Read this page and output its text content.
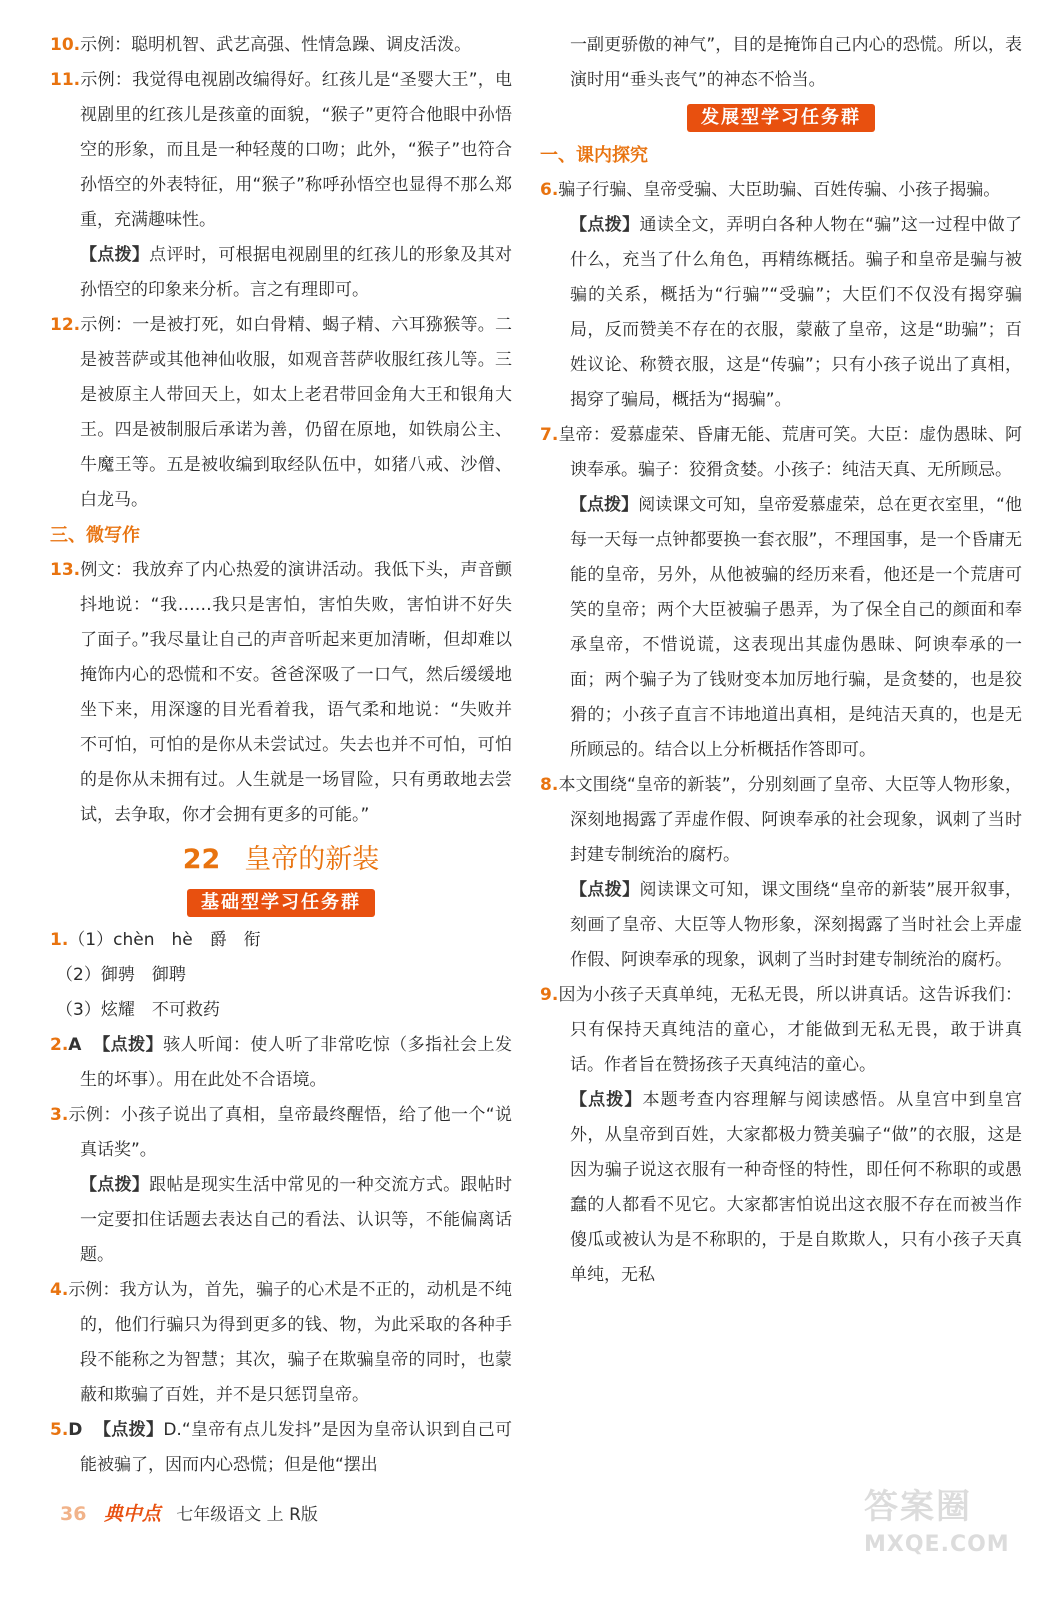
10.示例：聪明机智、武艺高强、性情急躁、调皮活泼。

11.示例：我觉得电视剧改编得好。红孩儿是“圣婴大王”，电视剧里的红孩儿是孩童的面貌，“猴子”更符合他眼中孙悟空的形象，而且是一种轻蔑的口吻；此外，“猴子”也符合孙悟空的外表特征，用“猴子”称呼孙悟空也显得不那么郑重，充满趣味性。

【点拨】点评时，可根据电视剧里的红孩儿的形象及其对孙悟空的印象来分析。言之有理即可。

12.示例：一是被打死，如白骨精、蝎子精、六耳猕猴等。二是被菩萨或其他神仙收服，如观音菩萨收服红孩儿等。三是被原主人带回天上，如太上老君带回金角大王和银角大王。四是被制服后承诺为善，仍留在原地，如铁扇公主、牛魔王等。五是被收编到取经队伍中，如猪八戒、沙僧、白龙马。

三、微写作

13.例文：我放弃了内心热爱的演讲活动。我低下头，声音颤抖地说：“我……我只是害怕，害怕失败，害怕讲不好失了面子。”我尽量让自己的声音听起来更加清晰，但却难以掩饰内心的恐慌和不安。爸爸深吸了一口气，然后缓缓地坐下来，用深邃的目光看着我，语气柔和地说：“失败并不可怕，可怕的是你从未尝试过。失去也并不可怕，可怕的是你从未拥有过。人生就是一场冒险，只有勇敢地去尝试，去争取，你才会拥有更多的可能。”

22 皇帝的新装
基础型学习任务群

1.（1）chèn　hè　爵　衔

（2）御骋　御聘

（3）炫耀　不可救药

2.A 【点拨】骇人听闻：使人听了非常吃惊（多指社会上发生的坏事）。用在此处不合语境。

3.示例：小孩子说出了真相，皇帝最终醒悟，给了他一个“说真话奖”。

【点拨】跟帖是现实生活中常见的一种交流方式。跟帖时一定要扣住话题去表达自己的看法、认识等，不能偏离话题。

4.示例：我方认为，首先，骗子的心术是不正的，动机是不纯的，他们行骗只为得到更多的钱、物，为此采取的各种手段不能称之为智慧；其次，骗子在欺骗皇帝的同时，也蒙蔽和欺骗了百姓，并不是只惩罚皇帝。

5.D 【点拨】D.“皇帝有点儿发抖”是因为皇帝认识到自己可能被骗了，因而内心恐慌；但是他“摆出

一副更骄傲的神气”，目的是掩饰自己内心的恐慌。所以，表演时用“垂头丧气”的神态不恰当。

发展型学习任务群

一、课内探究

6.骗子行骗、皇帝受骗、大臣助骗、百姓传骗、小孩子揭骗。

【点拨】通读全文，弄明白各种人物在“骗”这一过程中做了什么，充当了什么角色，再精练概括。骗子和皇帝是骗与被骗的关系，概括为“行骗”“受骗”；大臣们不仅没有揭穿骗局，反而赞美不存在的衣服，蒙蔽了皇帝，这是“助骗”；百姓议论、称赞衣服，这是“传骗”；只有小孩子说出了真相，揭穿了骗局，概括为“揭骗”。

7.皇帝：爱慕虚荣、昏庸无能、荒唐可笑。大臣：虚伪愚昧、阿谀奉承。骗子：狡猾贪婪。小孩子：纯洁天真、无所顾忌。

【点拨】阅读课文可知，皇帝爱慕虚荣，总在更衣室里，“他每一天每一点钟都要换一套衣服”，不理国事，是一个昏庸无能的皇帝，另外，从他被骗的经历来看，他还是一个荒唐可笑的皇帝；两个大臣被骗子愚弄，为了保全自己的颜面和奉承皇帝，不惜说谎，这表现出其虚伪愚昧、阿谀奉承的一面；两个骗子为了钱财变本加厉地行骗，是贪婪的，也是狡猾的；小孩子直言不讳地道出真相，是纯洁天真的，也是无所顾忌的。结合以上分析概括作答即可。

8.本文围绕“皇帝的新装”，分别刻画了皇帝、大臣等人物形象，深刻地揭露了弄虚作假、阿谀奉承的社会现象，讽刺了当时封建专制统治的腐朽。

【点拨】阅读课文可知，课文围绕“皇帝的新装”展开叙事，刻画了皇帝、大臣等人物形象，深刻揭露了当时社会上弄虚作假、阿谀奉承的现象，讽刺了当时封建专制统治的腐朽。

9.因为小孩子天真单纯，无私无畏，所以讲真话。这告诉我们：只有保持天真纯洁的童心，才能做到无私无畏，敢于讲真话。作者旨在赞扬孩子天真纯洁的童心。

【点拨】本题考查内容理解与阅读感悟。从皇宫中到皇宫外，从皇帝到百姓，大家都极力赞美骗子“做”的衣服，这是因为骗子说这衣服有一种奇怪的特性，即任何不称职的或愚蠢的人都看不见它。大家都害怕说出这衣服不存在而被当作傻瓜或被认为是不称职的，于是自欺欺人，只有小孩子天真单纯，无私

36 典中点 七年级语文 上 R版	答案圈
MXQE.COM
